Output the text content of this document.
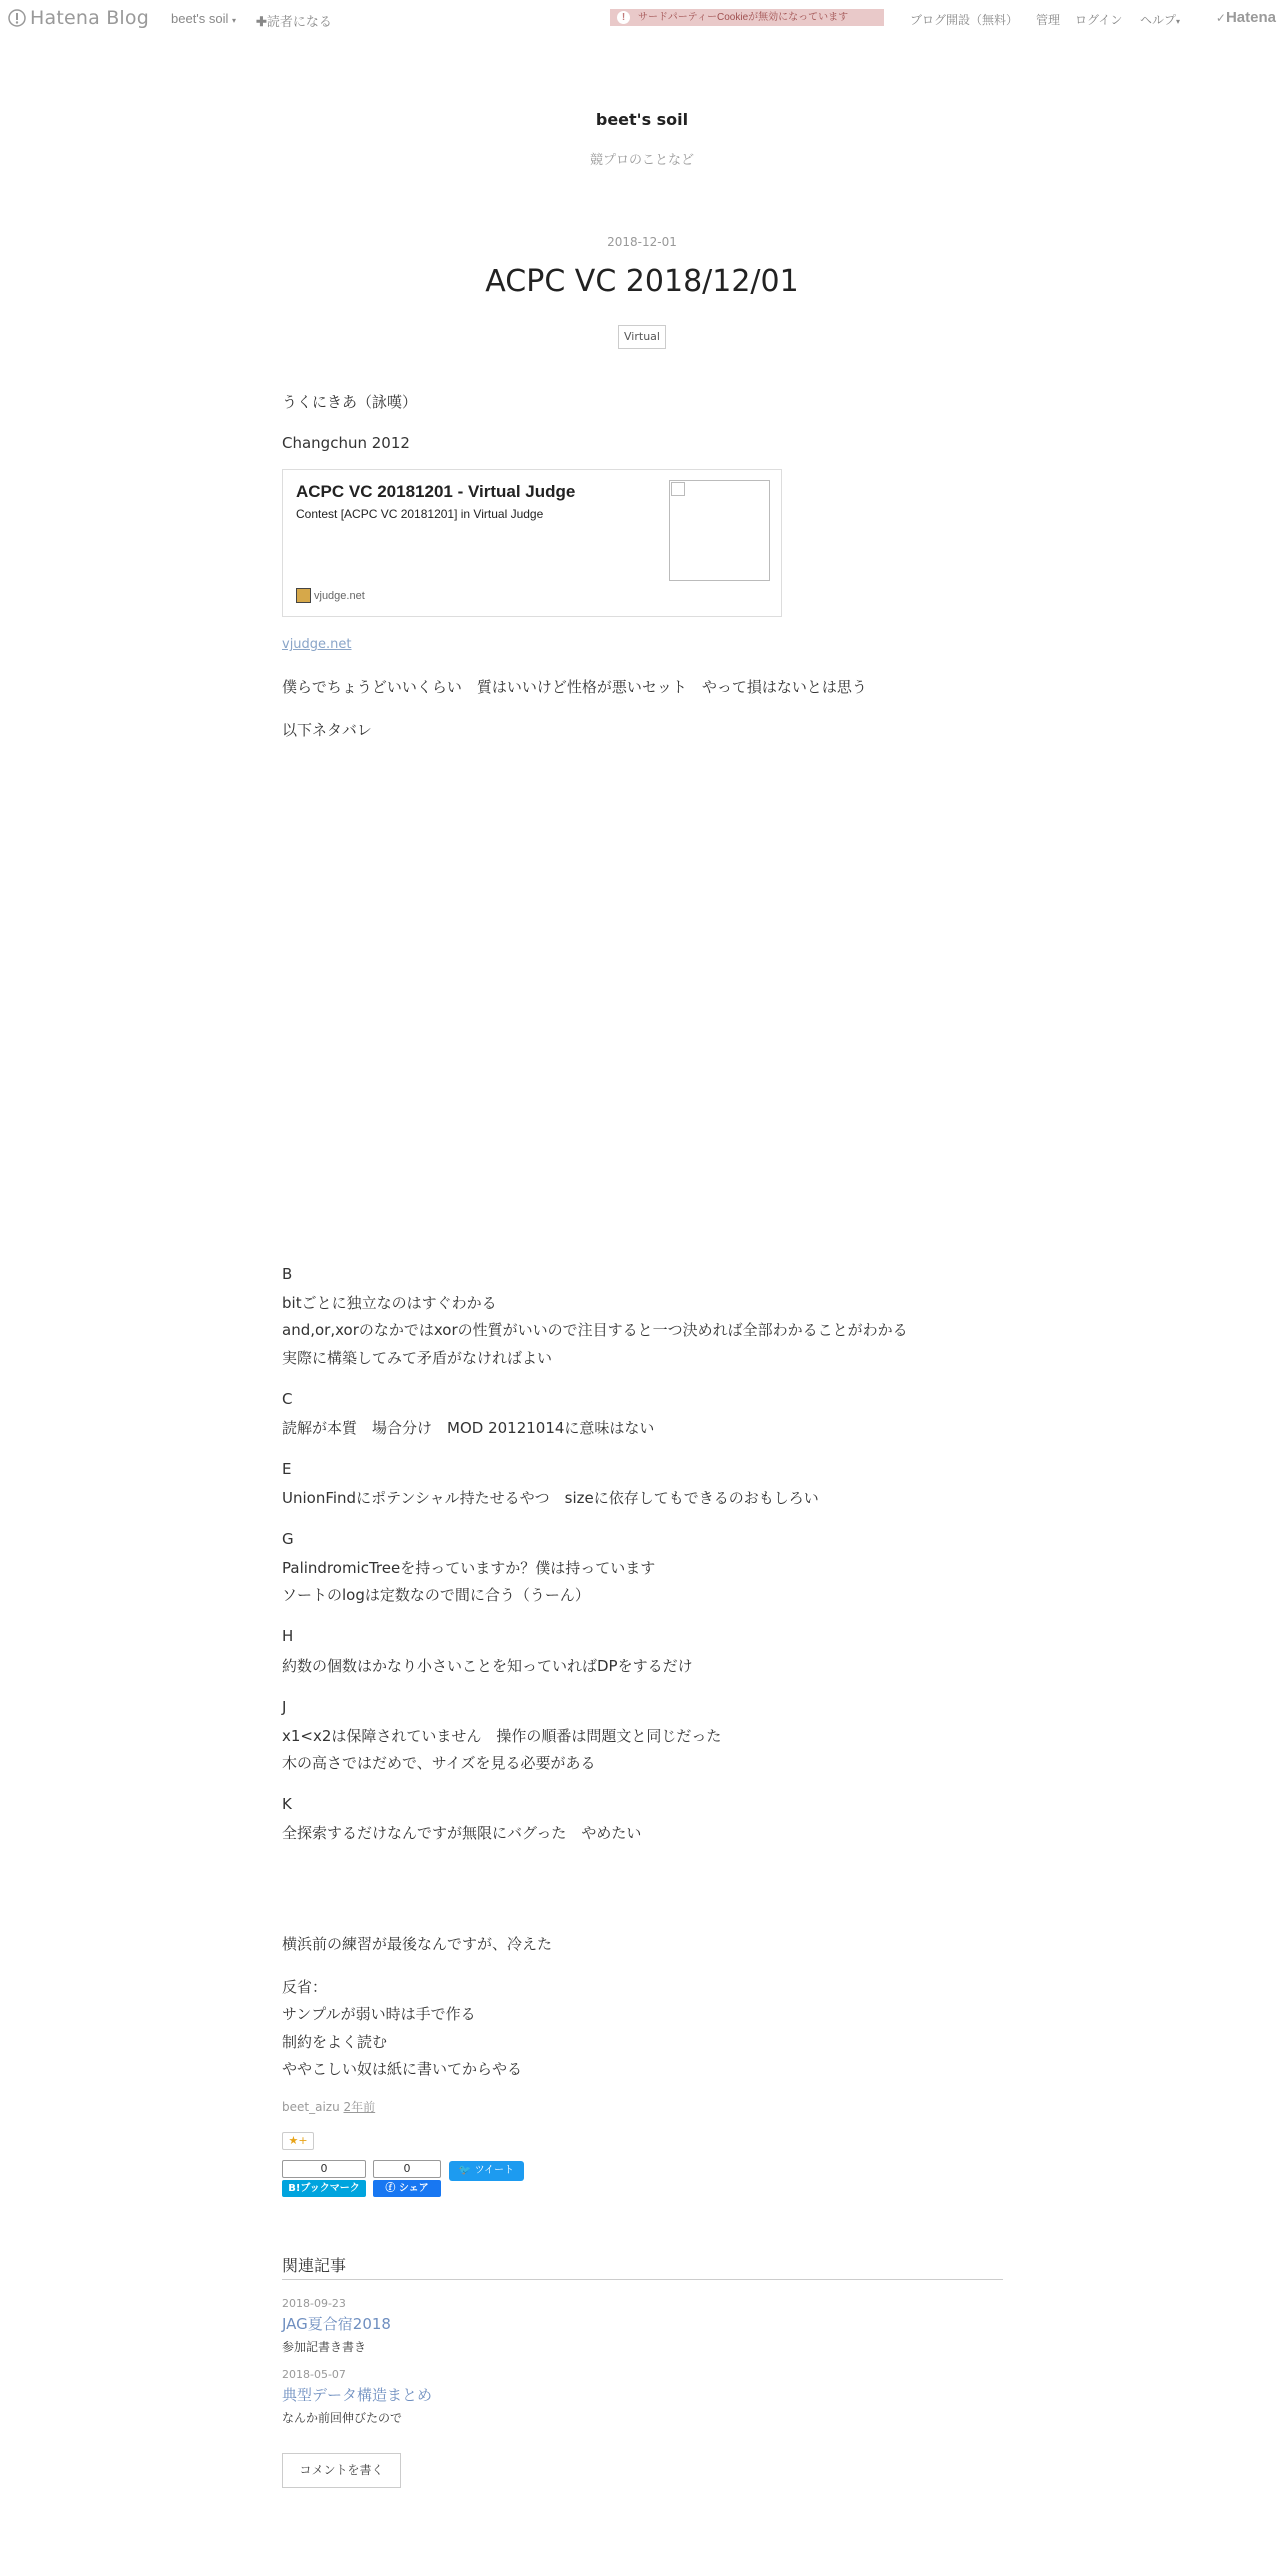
Hatena Blog beet's soil ▾ ✚読者になる	!	サードパーティーCookieが無効になっています	ブログ開設（無料） 管理 ログイン ヘルプ▾	✓Hatena
beet's soil
競プロのことなど
2018-12-01
ACPC VC 2018/12/01
Virtual
うくにきあ（詠嘆）
Changchun 2012
ACPC VC 20181201 - Virtual Judge
Contest [ACPC VC 20181201] in Virtual Judge
vjudge.net
vjudge.net
僕らでちょうどいいくらい　質はいいけど性格が悪いセット　やって損はないとは思う
以下ネタバレ
B
bitごとに独立なのはすぐわかる
and,or,xorのなかではxorの性質がいいので注目すると一つ決めれば全部わかることがわかる
実際に構築してみて矛盾がなければよい
C
読解が本質　場合分け　MOD 20121014に意味はない
E
UnionFindにポテンシャル持たせるやつ　sizeに依存してもできるのおもしろい
G
PalindromicTreeを持っていますか？僕は持っています
ソートのlogは定数なので間に合う（うーん）
H
約数の個数はかなり小さいことを知っていればDPをするだけ
J
x1<x2は保障されていません　操作の順番は問題文と同じだった
木の高さではだめで、サイズを見る必要がある
K
全探索するだけなんですが無限にバグった　やめたい
横浜前の練習が最後なんですが、冷えた
反省：
サンプルが弱い時は手で作る
制約をよく読む
ややこしい奴は紙に書いてからやる
beet_aizu 2年前
★+
0
B!ブックマーク
0
ⓕ シェア
🐦 ツイート
関連記事
2018-09-23
JAG夏合宿2018
参加記書き書き
2018-05-07
典型データ構造まとめ
なんか前回伸びたので
コメントを書く
